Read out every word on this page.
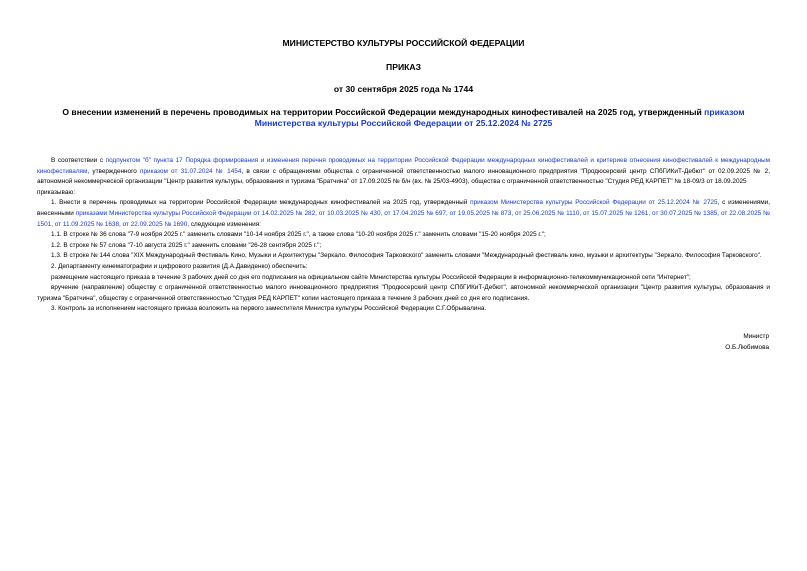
МИНИСТЕРСТВО КУЛЬТУРЫ РОССИЙСКОЙ ФЕДЕРАЦИИ
ПРИКАЗ
от 30 сентября 2025 года № 1744
О внесении изменений в перечень проводимых на территории Российской Федерации международных кинофестивалей на 2025 год, утвержденный приказом Министерства культуры Российской Федерации от 25.12.2024 № 2725

В соответствии с подпунктом "б" пункта 17 Порядка формирования и изменения перечня проводимых на территории Российской Федерации международных кинофестивалей и критериев отнесения кинофестивалей к международным кинофестивалям, утвержденного приказом от 31.07.2024 № 1454, в связи с обращениями общества с ограниченной ответственностью малого инновационного предприятия "Продюсерский центр СПбГИКиТ-Дебют" от 02.09.2025 № 2, автономной некоммерческой организации "Центр развития культуры, образования и туризма "Братчина" от 17.09.2025 № б/н (вх. № 25/03-4903), общества с ограниченной ответственностью "Студия РЕД КАРПЕТ" № 18-09/3 от 18.09.2025

приказываю:

1. Внести в перечень проводимых на территории Российской Федерации международных кинофестивалей на 2025 год, утвержденный приказом Министерства культуры Российской Федерации от 25.12.2024 № 2725, с изменениями, внесенными приказами Министерства культуры Российской Федерации от 14.02.2025 № 282, от 10.03.2025 № 430, от 17.04.2025 № 697, от 19.05.2025 № 873, от 25.06.2025 № 1110, от 15.07.2025 № 1261, от 30.07.2025 № 1385, от 22.08.2025 № 1501, от 11.09.2025 № 1638, от 22.09.2025 № 1690, следующие изменения:

1.1. В строке № 36 слова "7-9 ноября 2025 г." заменить словами "10-14 ноября 2025 г.", а также слова "10-20 ноября 2025 г." заменить словами "15-20 ноября 2025 г.";

1.2. В строке № 57 слова "7-10 августа 2025 г." заменить словами "26-28 сентября 2025 г.";

1.3. В строке № 144 слова "XIX Международный Фестиваль Кино, Музыки и Архитектуры "Зеркало. Философия Тарковского" заменить словами "Международный фестиваль кино, музыки и архитектуры "Зеркало. Философия Тарковского".

2. Департаменту кинематографии и цифрового развития (Д.А.Давиденко) обеспечить:

размещение настоящего приказа в течение 3 рабочих дней со дня его подписания на официальном сайте Министерства культуры Российской Федерации в информационно-телекоммуникационной сети "Интернет";

вручение (направление) обществу с ограниченной ответственностью малого инновационного предприятия "Продюсерский центр СПбГИКиТ-Дебют", автономной некоммерческой организации "Центр развития культуры, образования и туризма "Братчина", обществу с ограниченной ответственностью "Студия РЕД КАРПЕТ" копии настоящего приказа в течение 3 рабочих дней со дня его подписания.

3. Контроль за исполнением настоящего приказа возложить на первого заместителя Министра культуры Российской Федерации С.Г.Обрывалина.

Министр
О.Б.Любимова
